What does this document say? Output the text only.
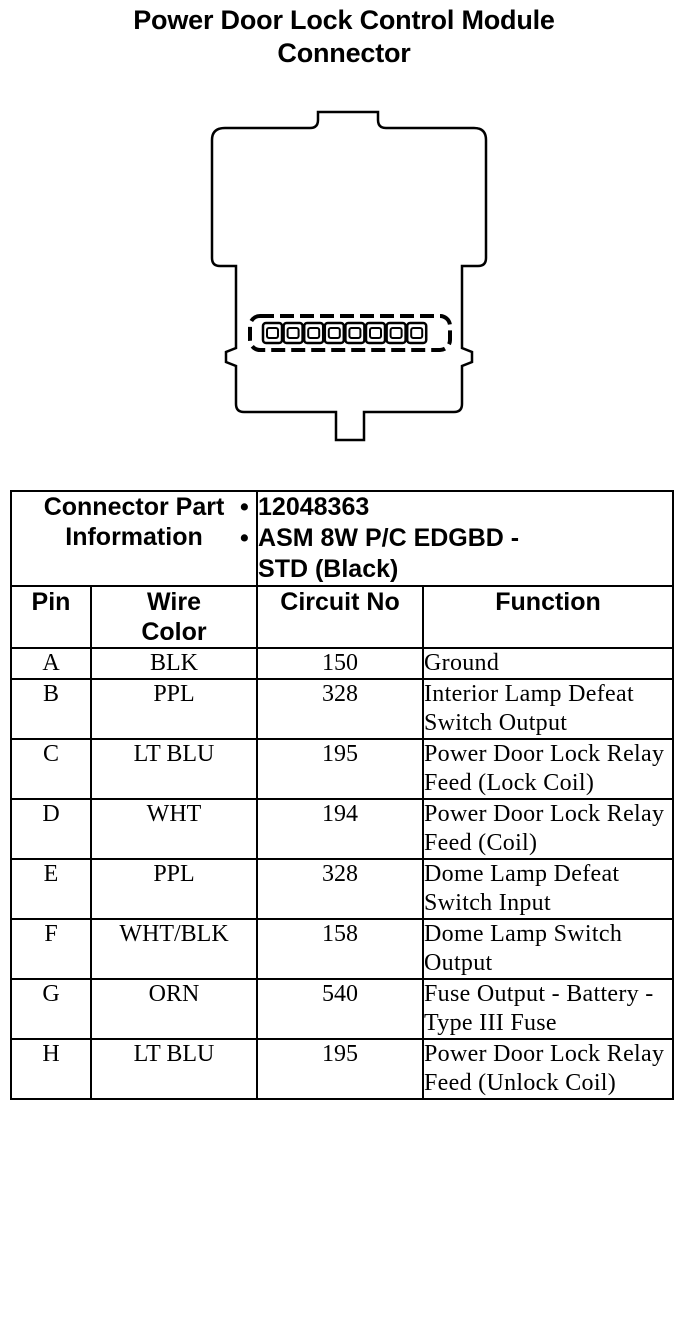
Power Door Lock Control Module
Connector
Connector Part Information		• 12048363
• ASM 8W P/C EDGBD -
STD (Black)

Pin	Wire Color	Circuit No	Function
A	BLK	150	Ground
B	PPL	328	Interior Lamp Defeat Switch Output
C	LT BLU	195	Power Door Lock Relay Feed (Lock Coil)
D	WHT	194	Power Door Lock Relay Feed (Coil)
E	PPL	328	Dome Lamp Defeat Switch Input
F	WHT/BLK	158	Dome Lamp Switch Output
G	ORN	540	Fuse Output - Battery - Type III Fuse
H	LT BLU	195	Power Door Lock Relay Feed (Unlock Coil)
